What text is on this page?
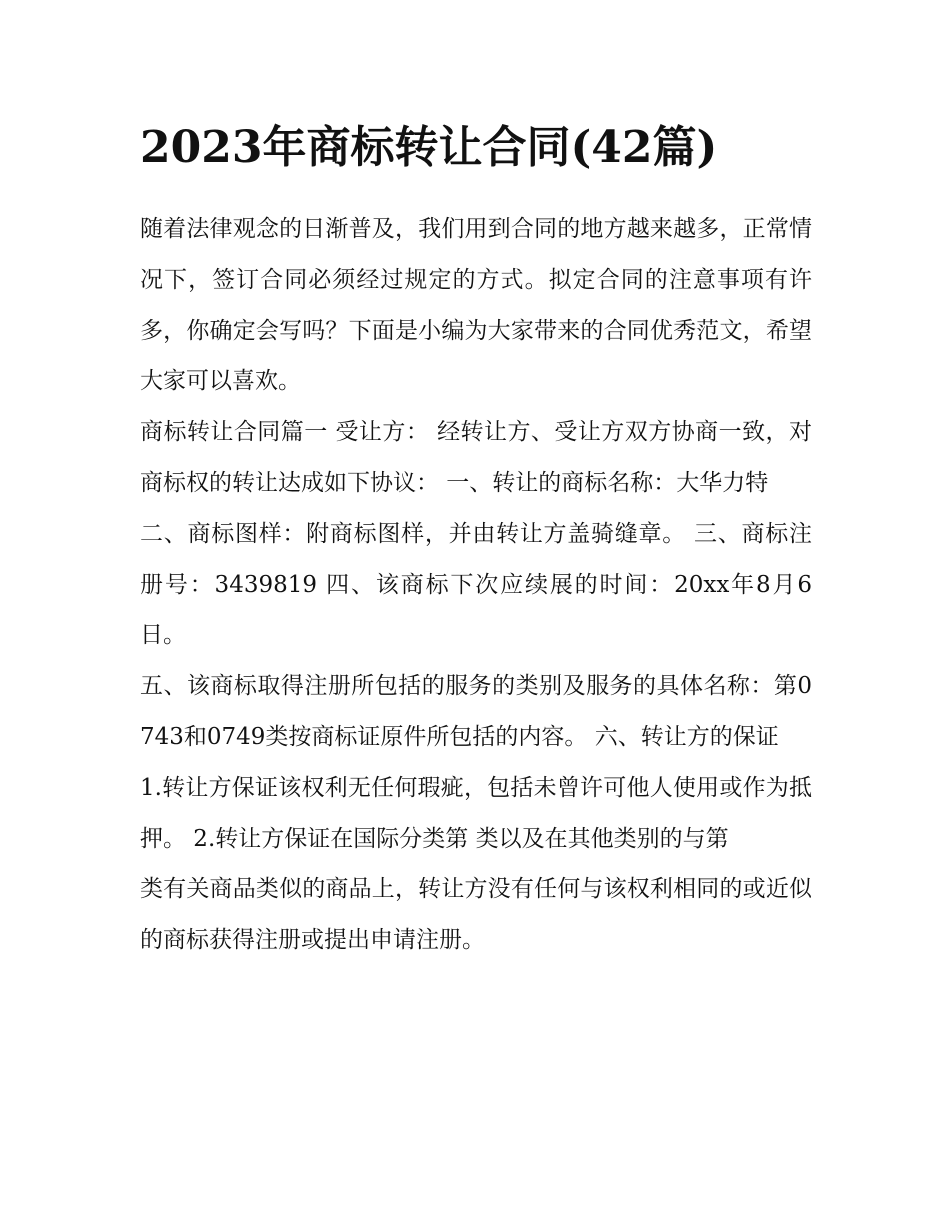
2023年商标转让合同(42篇)

随着法律观念的日渐普及，我们用到合同的地方越来越多，正常情况下，签订合同必须经过规定的方式。拟定合同的注意事项有许多，你确定会写吗？下面是小编为大家带来的合同优秀范文，希望大家可以喜欢。

商标转让合同篇一 受让方： 经转让方、受让方双方协商一致，对商标权的转让达成如下协议： 一、转让的商标名称：大华力特

二、商标图样：附商标图样，并由转让方盖骑缝章。 三、商标注册号：3439819 四、该商标下次应续展的时间：20xx年8月6日。

五、该商标取得注册所包括的服务的类别及服务的具体名称：第0743和0749类按商标证原件所包括的内容。 六、转让方的保证

1.转让方保证该权利无任何瑕疵，包括未曾许可他人使用或作为抵押。 2.转让方保证在国际分类第 类以及在其他类别的与第

类有关商品类似的商品上，转让方没有任何与该权利相同的或近似的商标获得注册或提出申请注册。
